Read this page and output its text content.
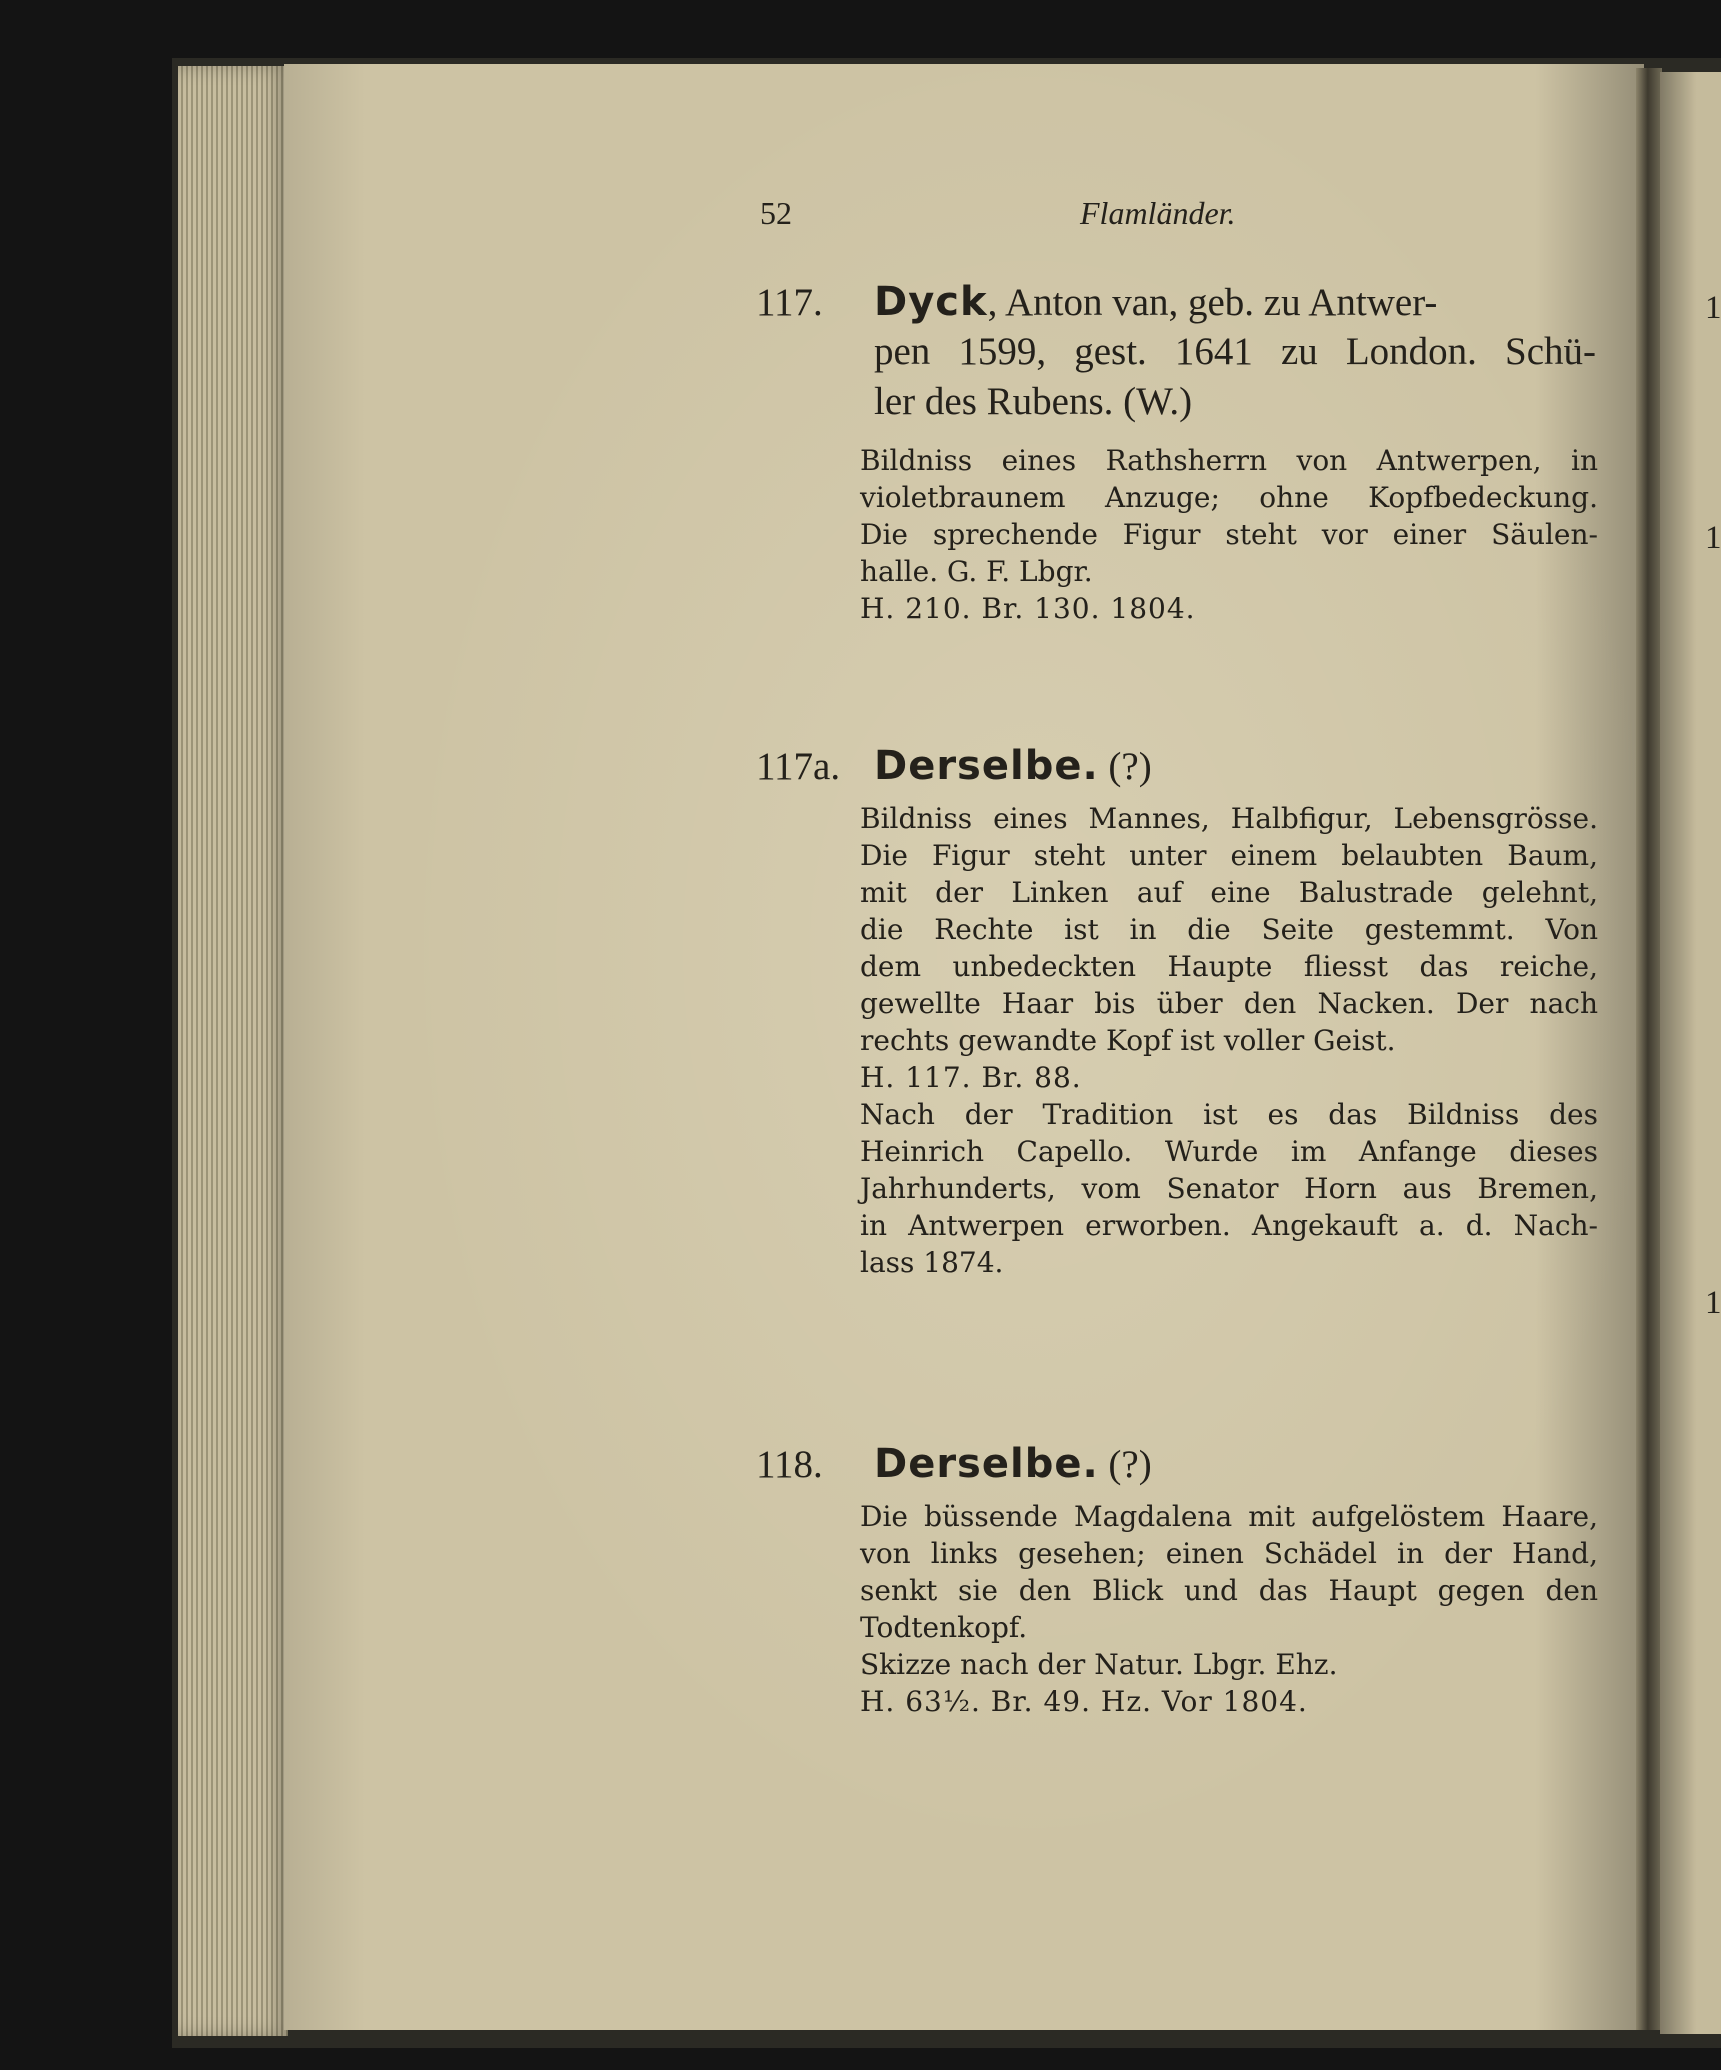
1
1
1
52	Flamländer.
117. Dyck, Anton van, geb. zu Antwer-
pen 1599, gest. 1641 zu London. Schü-
ler des Rubens. (W.)
Bildniss eines Rathsherrn von Antwerpen, in
violetbraunem Anzuge; ohne Kopfbedeckung.
Die sprechende Figur steht vor einer Säulen-
halle. G. F. Lbgr.
H. 210. Br. 130. 1804.
117a. Derselbe. (?)
Bildniss eines Mannes, Halbfigur, Lebensgrösse.
Die Figur steht unter einem belaubten Baum,
mit der Linken auf eine Balustrade gelehnt,
die Rechte ist in die Seite gestemmt. Von
dem unbedeckten Haupte fliesst das reiche,
gewellte Haar bis über den Nacken. Der nach
rechts gewandte Kopf ist voller Geist.
H. 117. Br. 88.
Nach der Tradition ist es das Bildniss des
Heinrich Capello. Wurde im Anfange dieses
Jahrhunderts, vom Senator Horn aus Bremen,
in Antwerpen erworben. Angekauft a. d. Nach-
lass 1874.
118. Derselbe. (?)
Die büssende Magdalena mit aufgelöstem Haare,
von links gesehen; einen Schädel in der Hand,
senkt sie den Blick und das Haupt gegen den
Todtenkopf.
Skizze nach der Natur. Lbgr. Ehz.
H. 63½. Br. 49. Hz. Vor 1804.
